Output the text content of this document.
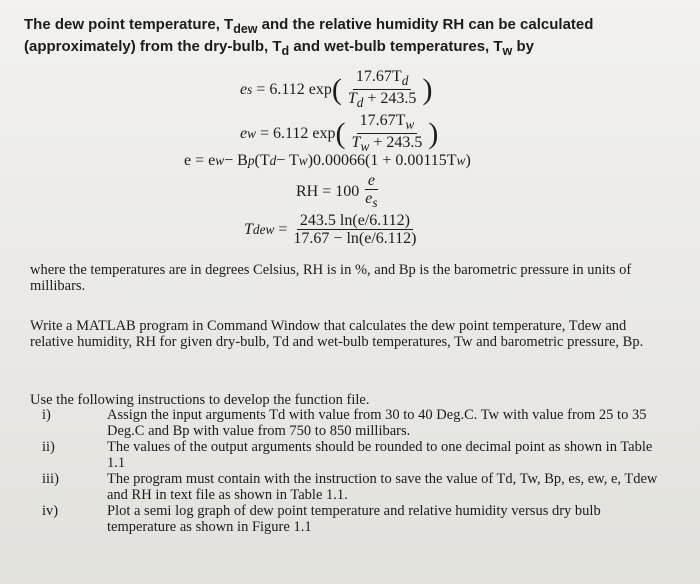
The dew point temperature, $T_{dew}$ and the relative humidity RH can be calculated (approximately) from the dry-bulb, $T_d$ and wet-bulb temperatures, $T_w$ by
e s
= 6.112 exp ( $\frac{17.67T_d}{T_d + 243.5}$ )
e w
= 6.112 exp ( $\frac{17.67T_w}{T_w + 243.5}$ )
e = e w − B p (T d − T w )0.00066(1 + 0.00115T w )
RH = $100 \frac{e}{e_s}$
T dew
= $\frac{243.5 \ln(e/6.112)}{17.67 - \ln(e/6.112)}$
where the temperatures are in degrees Celsius, RH is in %, and Bp is the barometric pressure in units of millibars.
Write a MATLAB program in Command Window that calculates the dew point temperature, Tdew and relative humidity, RH for given dry-bulb, Td and wet-bulb temperatures, Tw and barometric pressure, Bp.
Use the following instructions to develop the function file.
i)	Assign the input arguments Td with value from 30 to 40 Deg.C. Tw with value from 25 to 35 Deg.C and Bp with value from 750 to 850 millibars.
ii)	The values of the output arguments should be rounded to one decimal point as shown in Table 1.1
iii)	The program must contain with the instruction to save the value of Td, Tw, Bp, es, ew, e, Tdew and RH in text file as shown in Table 1.1.
iv)	Plot a semi log graph of dew point temperature and relative humidity versus dry bulb temperature as shown in Figure 1.1
